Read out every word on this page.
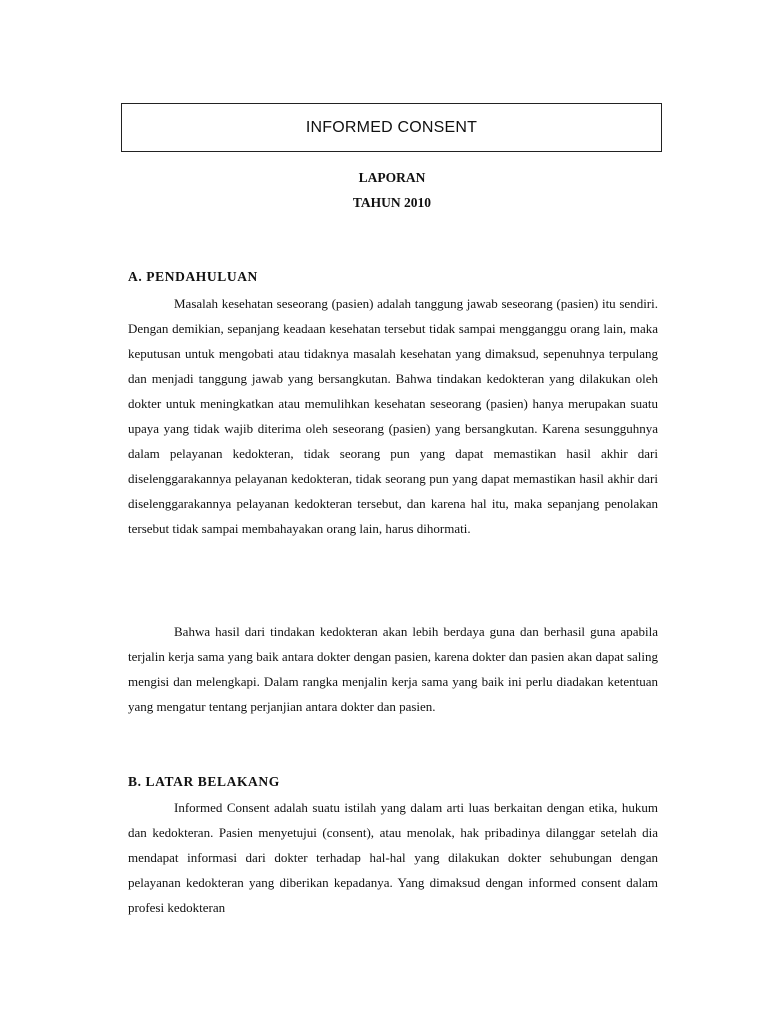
INFORMED CONSENT
LAPORAN
TAHUN 2010
A. PENDAHULUAN

Masalah kesehatan seseorang (pasien) adalah tanggung jawab seseorang (pasien) itu sendiri. Dengan demikian, sepanjang keadaan kesehatan tersebut tidak sampai mengganggu orang lain, maka keputusan untuk mengobati atau tidaknya masalah kesehatan yang dimaksud, sepenuhnya terpulang dan menjadi tanggung jawab yang bersangkutan. Bahwa tindakan kedokteran yang dilakukan oleh dokter untuk meningkatkan atau memulihkan kesehatan seseorang (pasien) hanya merupakan suatu upaya yang tidak wajib diterima oleh seseorang (pasien) yang bersangkutan. Karena sesungguhnya dalam pelayanan kedokteran, tidak seorang pun yang dapat memastikan hasil akhir dari diselenggarakannya pelayanan kedokteran, tidak seorang pun yang dapat memastikan hasil akhir dari diselenggarakannya pelayanan kedokteran tersebut, dan karena hal itu, maka sepanjang penolakan tersebut tidak sampai membahayakan orang lain, harus dihormati.

Bahwa hasil dari tindakan kedokteran akan lebih berdaya guna dan berhasil guna apabila terjalin kerja sama yang baik antara dokter dengan pasien, karena dokter dan pasien akan dapat saling mengisi dan melengkapi. Dalam rangka menjalin kerja sama yang baik ini perlu diadakan ketentuan yang mengatur tentang perjanjian antara dokter dan pasien.

B. LATAR BELAKANG

Informed Consent adalah suatu istilah yang dalam arti luas berkaitan dengan etika, hukum dan kedokteran. Pasien menyetujui (consent), atau menolak, hak pribadinya dilanggar setelah dia mendapat informasi dari dokter terhadap hal-hal yang dilakukan dokter sehubungan dengan pelayanan kedokteran yang diberikan kepadanya. Yang dimaksud dengan informed consent dalam profesi kedokteran
